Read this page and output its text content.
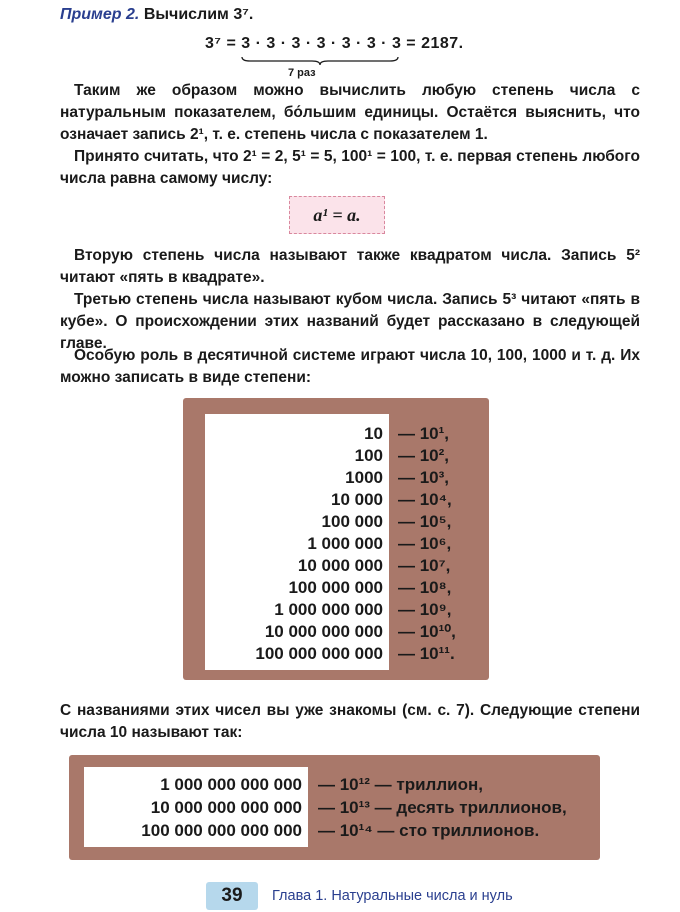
Пример 2. Вычислим 3⁷.
3⁷ = 3 · 3 · 3 · 3 · 3 · 3 · 3 = 2187.
7 раз
Таким же образом можно вычислить любую степень числа с натуральным показателем, бо́льшим единицы. Остаётся выяснить, что означает запись 2¹, т. е. степень числа с показателем 1.
Принято считать, что 2¹ = 2, 5¹ = 5, 100¹ = 100, т. е. первая степень любого числа равна самому числу:
a¹ = a.
Вторую степень числа называют также квадратом числа. Запись 5² читают «пять в квадрате».
Третью степень числа называют кубом числа. Запись 5³ читают «пять в кубе». О происхождении этих названий будет рассказано в следующей главе.
Особую роль в десятичной системе играют числа 10, 100, 1000 и т. д. Их можно записать в виде степени:
10 — 10¹,
100 — 10²,
1000 — 10³,
10 000 — 10⁴,
100 000 — 10⁵,
1 000 000 — 10⁶,
10 000 000 — 10⁷,
100 000 000 — 10⁸,
1 000 000 000 — 10⁹,
10 000 000 000 — 10¹⁰,
100 000 000 000 — 10¹¹.
С названиями этих чисел вы уже знакомы (см. с. 7). Следующие степени числа 10 называют так:
1 000 000 000 000 — 10¹² — триллион,
10 000 000 000 000 — 10¹³ — десять триллионов,
100 000 000 000 000 — 10¹⁴ — сто триллионов.
39	Глава 1. Натуральные числа и нуль
